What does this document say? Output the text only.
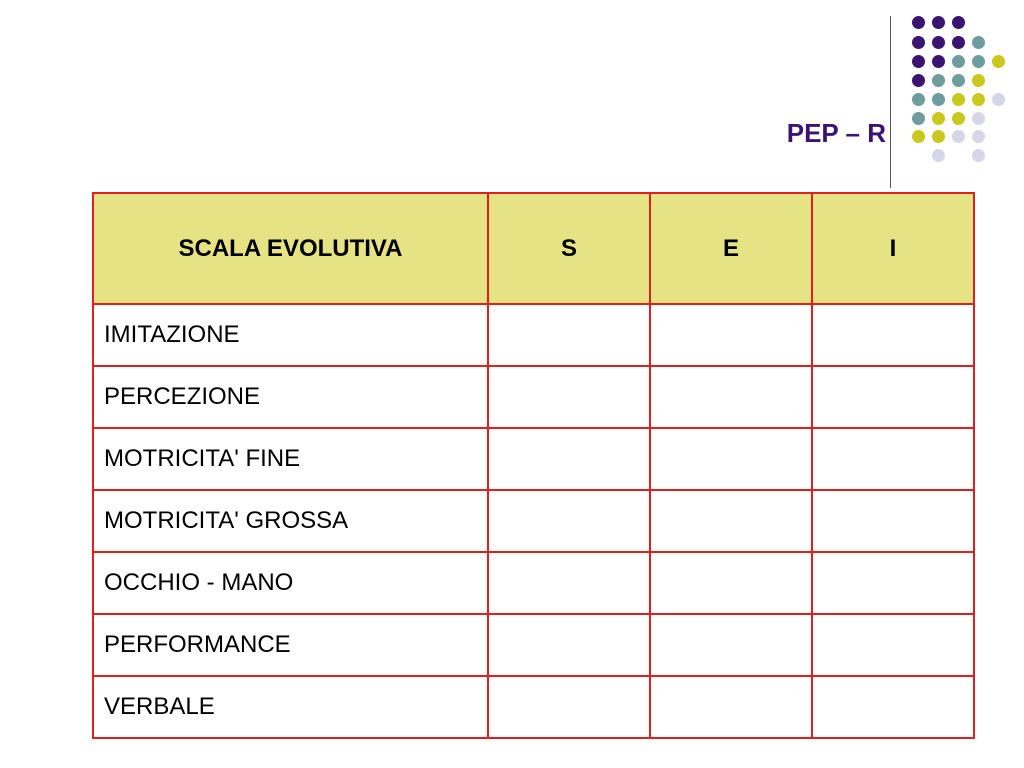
PEP – R
SCALA EVOLUTIVA	S	E	I
IMITAZIONE			
PERCEZIONE			
MOTRICITA' FINE			
MOTRICITA' GROSSA			
OCCHIO - MANO			
PERFORMANCE			
VERBALE			
